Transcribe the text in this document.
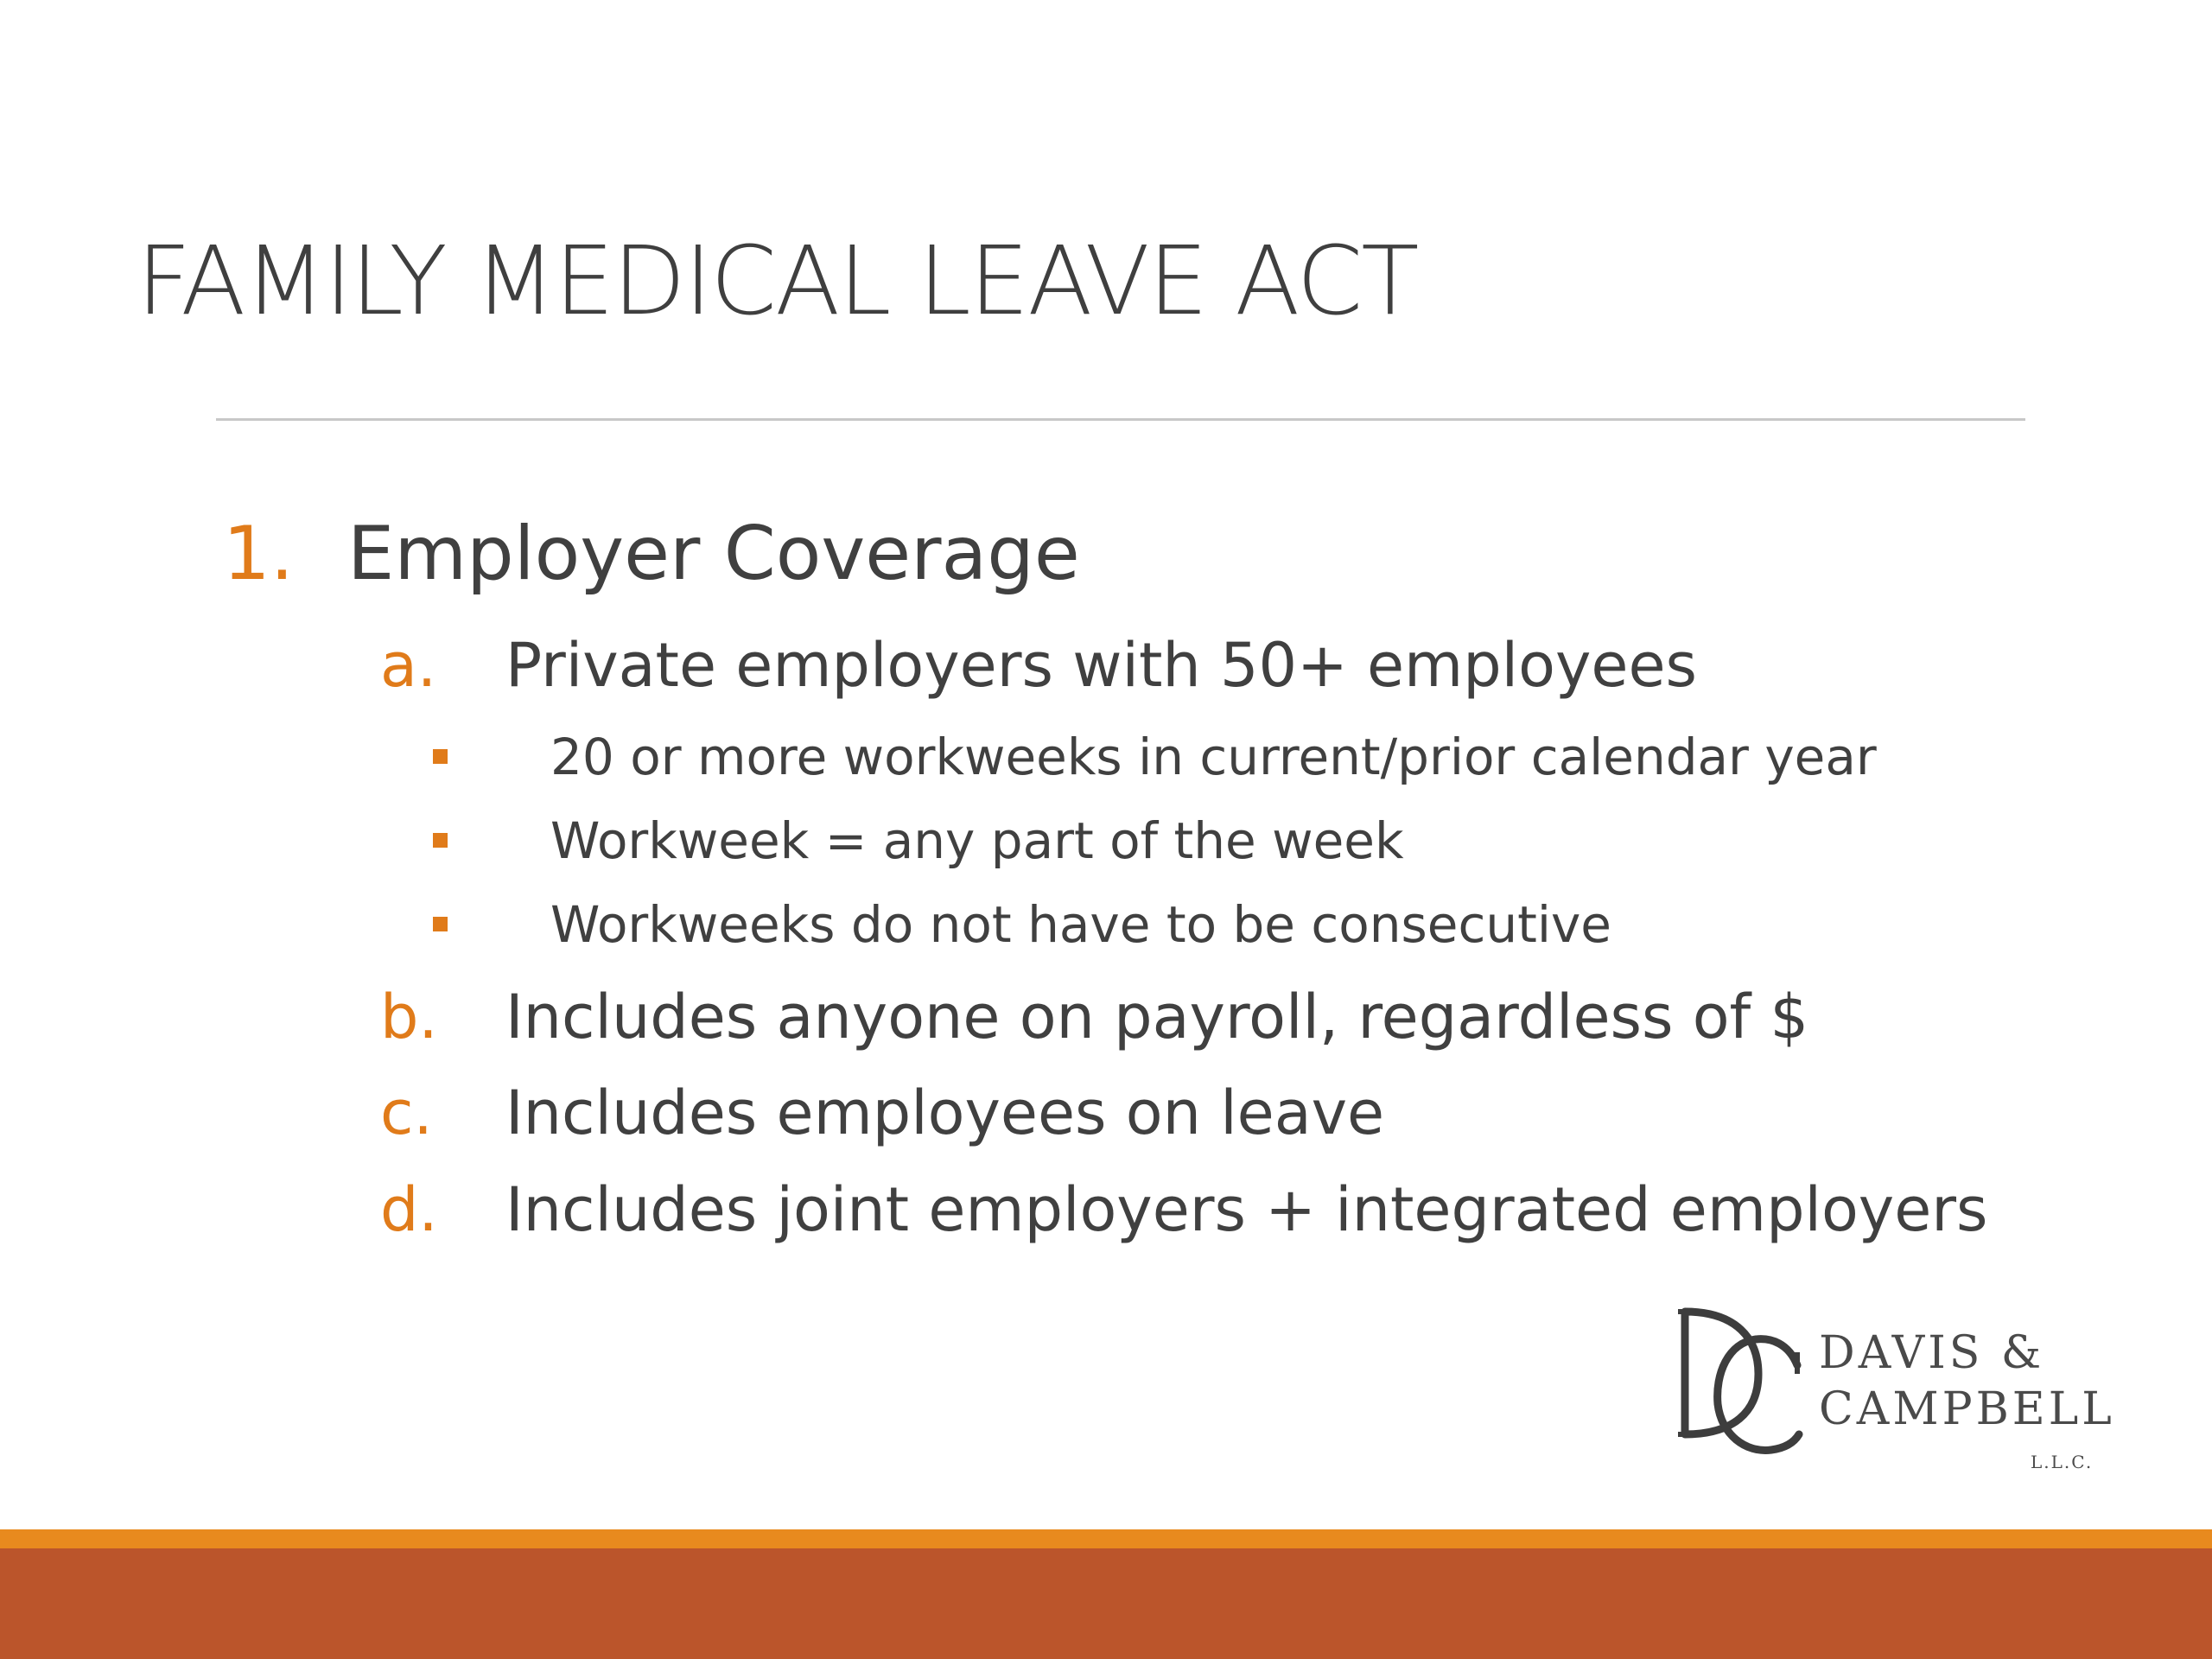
FAMILY MEDICAL LEAVE ACT
1. Employer Coverage
a. Private employers with 50+ employees
20 or more workweeks in current/prior calendar year
Workweek = any part of the week
Workweeks do not have to be consecutive
b. Includes anyone on payroll, regardless of $
c. Includes employees on leave
d. Includes joint employers + integrated employers
DAVIS &
CAMPBELL
L.L.C.
